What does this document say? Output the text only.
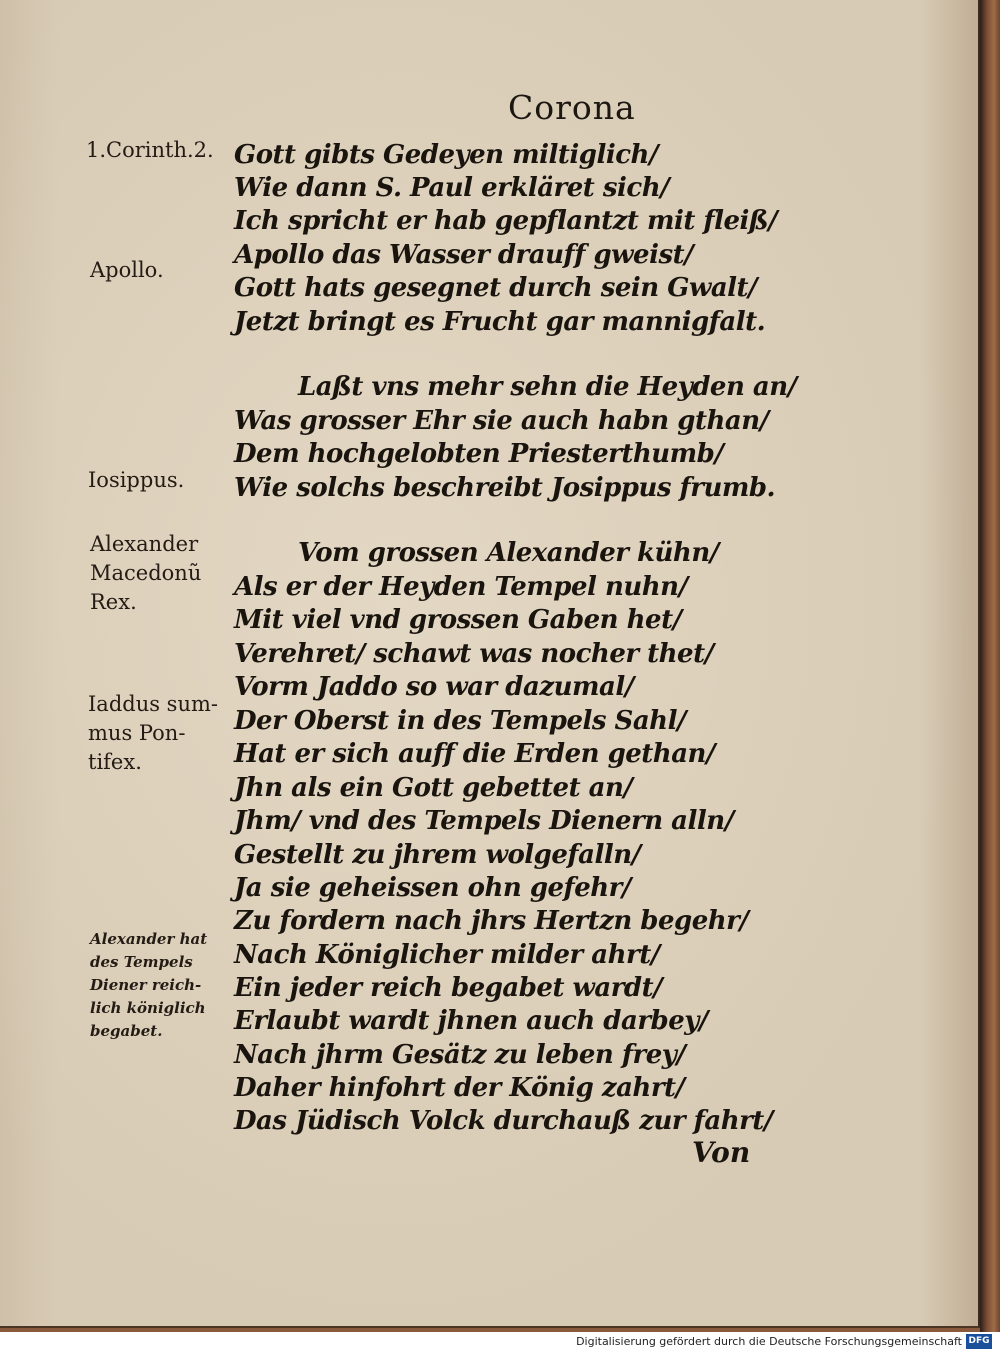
Corona
1.Corinth.2.
Apollo.
Iosippus.
Alexander
Macedonũ
Rex.
Iaddus sum-
mus Pon-
tifex.
Alexander hat
des Tempels
Diener reich-
lich königlich
begabet.
Gott gibts Gedeyen miltiglich/
Wie dann S. Paul erkläret sich/
Ich spricht er hab gepflantzt mit fleiß/
Apollo das Wasser drauff gweist/
Gott hats gesegnet durch sein Gwalt/
Jetzt bringt es Frucht gar mannigfalt.
Laßt vns mehr sehn die Heyden an/
Was grosser Ehr sie auch habn gthan/
Dem hochgelobten Priesterthumb/
Wie solchs beschreibt Josippus frumb.
Vom grossen Alexander kühn/
Als er der Heyden Tempel nuhn/
Mit viel vnd grossen Gaben het/
Verehret/ schawt was nocher thet/
Vorm Jaddo so war dazumal/
Der Oberst in des Tempels Sahl/
Hat er sich auff die Erden gethan/
Jhn als ein Gott gebettet an/
Jhm/ vnd des Tempels Dienern alln/
Gestellt zu jhrem wolgefalln/
Ja sie geheissen ohn gefehr/
Zu fordern nach jhrs Hertzn begehr/
Nach Königlicher milder ahrt/
Ein jeder reich begabet wardt/
Erlaubt wardt jhnen auch darbey/
Nach jhrm Gesätz zu leben frey/
Daher hinfohrt der König zahrt/
Das Jüdisch Volck durchauß zur fahrt/
Von
Digitalisierung gefördert durch die Deutsche Forschungsgemeinschaft DFG
